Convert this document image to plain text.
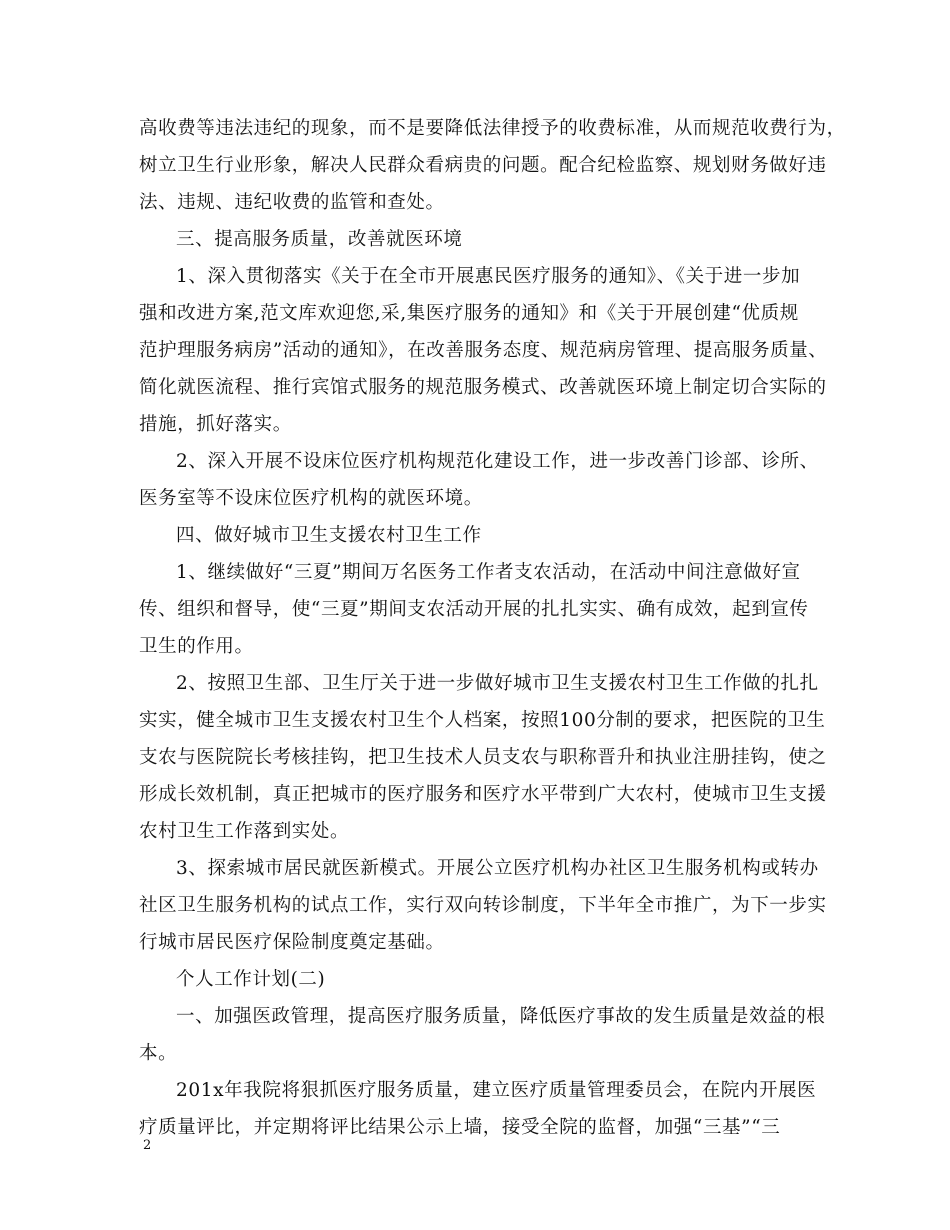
高收费等违法违纪的现象，而不是要降低法律授予的收费标准，从而规范收费行为，
树立卫生行业形象，解决人民群众看病贵的问题。配合纪检监察、规划财务做好违
法、违规、违纪收费的监管和查处。
三、提高服务质量，改善就医环境
1、深入贯彻落实《关于在全市开展惠民医疗服务的通知》、《关于进一步加
强和改进方案,范文库欢迎您,采,集医疗服务的通知》和《关于开展创建“优质规
范护理服务病房”活动的通知》，在改善服务态度、规范病房管理、提高服务质量、
简化就医流程、推行宾馆式服务的规范服务模式、改善就医环境上制定切合实际的
措施，抓好落实。
2、深入开展不设床位医疗机构规范化建设工作，进一步改善门诊部、诊所、
医务室等不设床位医疗机构的就医环境。
四、做好城市卫生支援农村卫生工作
1、继续做好“三夏”期间万名医务工作者支农活动，在活动中间注意做好宣
传、组织和督导，使“三夏”期间支农活动开展的扎扎实实、确有成效，起到宣传
卫生的作用。
2、按照卫生部、卫生厅关于进一步做好城市卫生支援农村卫生工作做的扎扎
实实，健全城市卫生支援农村卫生个人档案，按照100分制的要求，把医院的卫生
支农与医院院长考核挂钩，把卫生技术人员支农与职称晋升和执业注册挂钩，使之
形成长效机制，真正把城市的医疗服务和医疗水平带到广大农村，使城市卫生支援
农村卫生工作落到实处。
3、探索城市居民就医新模式。开展公立医疗机构办社区卫生服务机构或转办
社区卫生服务机构的试点工作，实行双向转诊制度，下半年全市推广，为下一步实
行城市居民医疗保险制度奠定基础。
个人工作计划(二)
一、加强医政管理，提高医疗服务质量，降低医疗事故的发生质量是效益的根
本。
201x年我院将狠抓医疗服务质量，建立医疗质量管理委员会，在院内开展医
疗质量评比，并定期将评比结果公示上墙，接受全院的监督，加强“三基”“三
2
